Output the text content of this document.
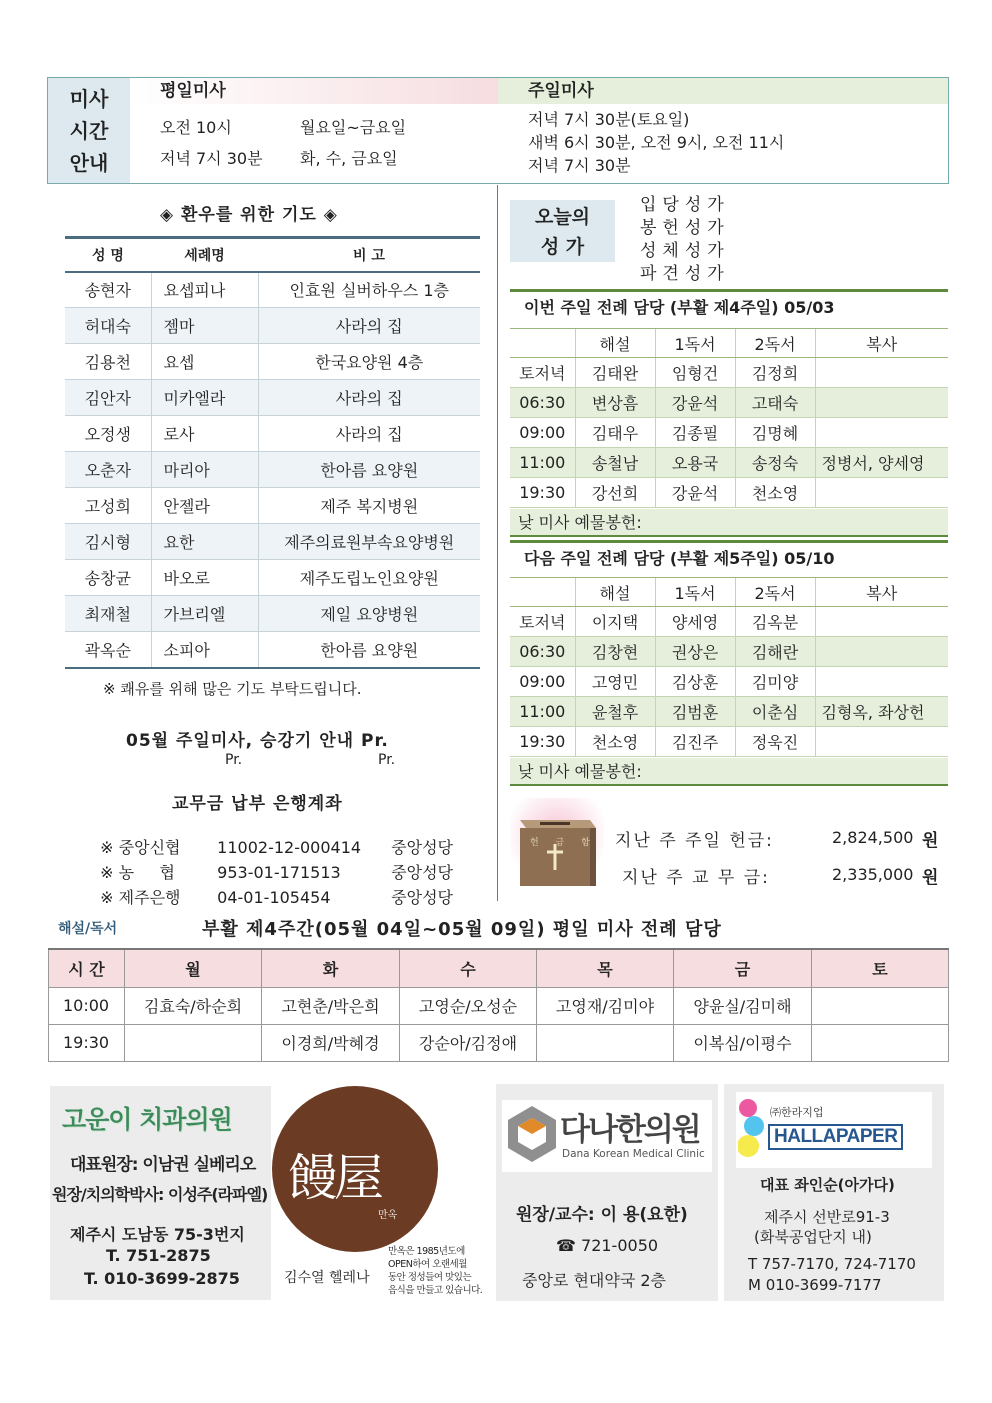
미사
시간
안내
평일미사	주일미사
오전 10시	월요일~금요일
저녁 7시 30분 화, 수, 금요일
저녁 7시 30분(토요일)
새벽 6시 30분, 오전 9시, 오전 11시
저녁 7시 30분
◈ 환우를 위한 기도 ◈
성 명	세례명	비 고
송현자	요셉피나	인효원 실버하우스 1층
허대숙	젬마	사라의 집
김용천	요셉	한국요양원 4층
김안자	미카엘라	사라의 집
오정생	로사	사라의 집
오춘자	마리아	한아름 요양원
고성희	안젤라	제주 복지병원
김시형	요한	제주의료원부속요양병원
송창균	바오로	제주도립노인요양원
최재철	가브리엘	제일 요양병원
곽옥순	소피아	한아름 요양원
※ 쾌유를 위해 많은 기도 부탁드립니다.
05월 주일미사, 승강기 안내 Pr.
Pr.	Pr.
교무금 납부 은행계좌

※ 중앙신협 11002-12-000414 중앙성당

※ 농     협	953-01-171513	중앙성당

※ 제주은행 04-01-105454	중앙성당

오늘의
성 가
입당성가
봉헌성가
성체성가
파견성가
이번 주일 전례 담당 (부활 제4주일) 05/03
	해설	1독서	2독서	복사
토저녁	김태완	임형건	김정희	
06:30	변상흠	강윤석	고태숙	
09:00	김태우	김종필	김명혜	
11:00	송철남	오용국	송정숙	정병서, 양세영
19:30	강선희	강윤석	천소영	
낮 미사 예물봉헌:
다음 주일 전례 담당 (부활 제5주일) 05/10
	해설	1독서	2독서	복사
토저녁	이지택	양세영	김옥분	
06:30	김창현	권상은	김해란	
09:00	고영민	김상훈	김미양	
11:00	윤철후	김범훈	이춘심	김형옥, 좌상헌
19:30	천소영	김진주	정욱진	
낮 미사 예물봉헌:
헌 금 함 지난 주 주일 헌금:	2,824,500 원
지난 주 교 무 금:	2,335,000 원
해설/독서	부활 제4주간(05월 04일~05월 09일) 평일 미사 전례 담당
시 간	월	화	수	목	금	토
10:00	김효숙/하순희	고현춘/박은희	고영순/오성순	고영재/김미야	양윤실/김미해	
19:30		이경희/박혜경	강순아/김정애		이복심/이평수	
고운이 치과의원
대표원장: 이남권 실베리오
원장/치의학박사: 이성주(라파엘)
제주시 도남동 75-3번지
T. 751-2875
T. 010-3699-2875
饅屋
만옥
김수열 헬레나
만옥은 1985년도에
OPEN하여 오랜세월
동안 정성들여 맛있는
음식을 만들고 있습니다.
다나한의원
Dana Korean Medical Clinic
원장/교수: 이 용(요한)
☎ 721-0050
중앙로 현대약국 2층
㈜한라지업
HALLAPAPER
대표 좌인순(아가다)
제주시 선반로91-3
(화북공업단지 내)
T 757-7170, 724-7170
M 010-3699-7177
